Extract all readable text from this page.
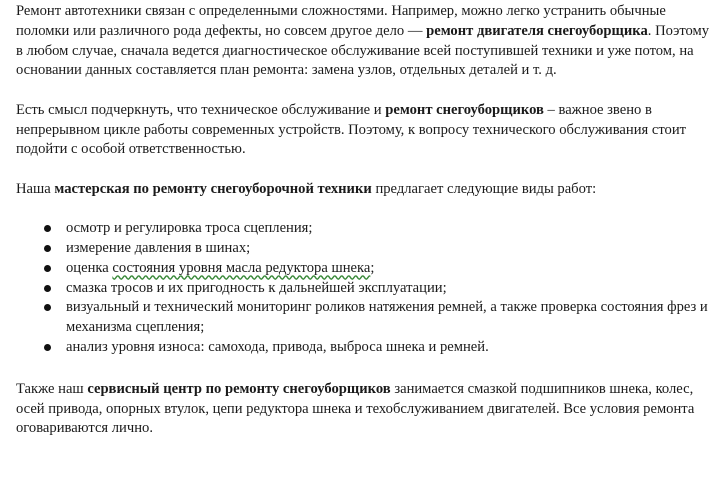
Ремонт автотехники связан с определенными сложностями. Например, можно легко устранить обычные поломки или различного рода дефекты, но совсем другое дело — ремонт двигателя снегоуборщика. Поэтому в любом случае, сначала ведется диагностическое обслуживание всей поступившей техники и уже потом, на основании данных составляется план ремонта: замена узлов, отдельных деталей и т. д.

Есть смысл подчеркнуть, что техническое обслуживание и ремонт снегоуборщиков – важное звено в непрерывном цикле работы современных устройств. Поэтому, к вопросу технического обслуживания стоит подойти с особой ответственностью.

Наша мастерская по ремонту снегоуборочной техники предлагает следующие виды работ:

осмотр и регулировка троса сцепления;
измерение давления в шинах;
оценка состояния уровня масла редуктора шнека;
смазка тросов и их пригодность к дальнейшей эксплуатации;
визуальный и технический мониторинг роликов натяжения ремней, а также проверка состояния фрез и механизма сцепления;
анализ уровня износа: самохода, привода, выброса шнека и ремней.

Также наш сервисный центр по ремонту снегоуборщиков занимается смазкой подшипников шнека, колес, осей привода, опорных втулок, цепи редуктора шнека и техобслуживанием двигателей. Все условия ремонта оговариваются лично.
